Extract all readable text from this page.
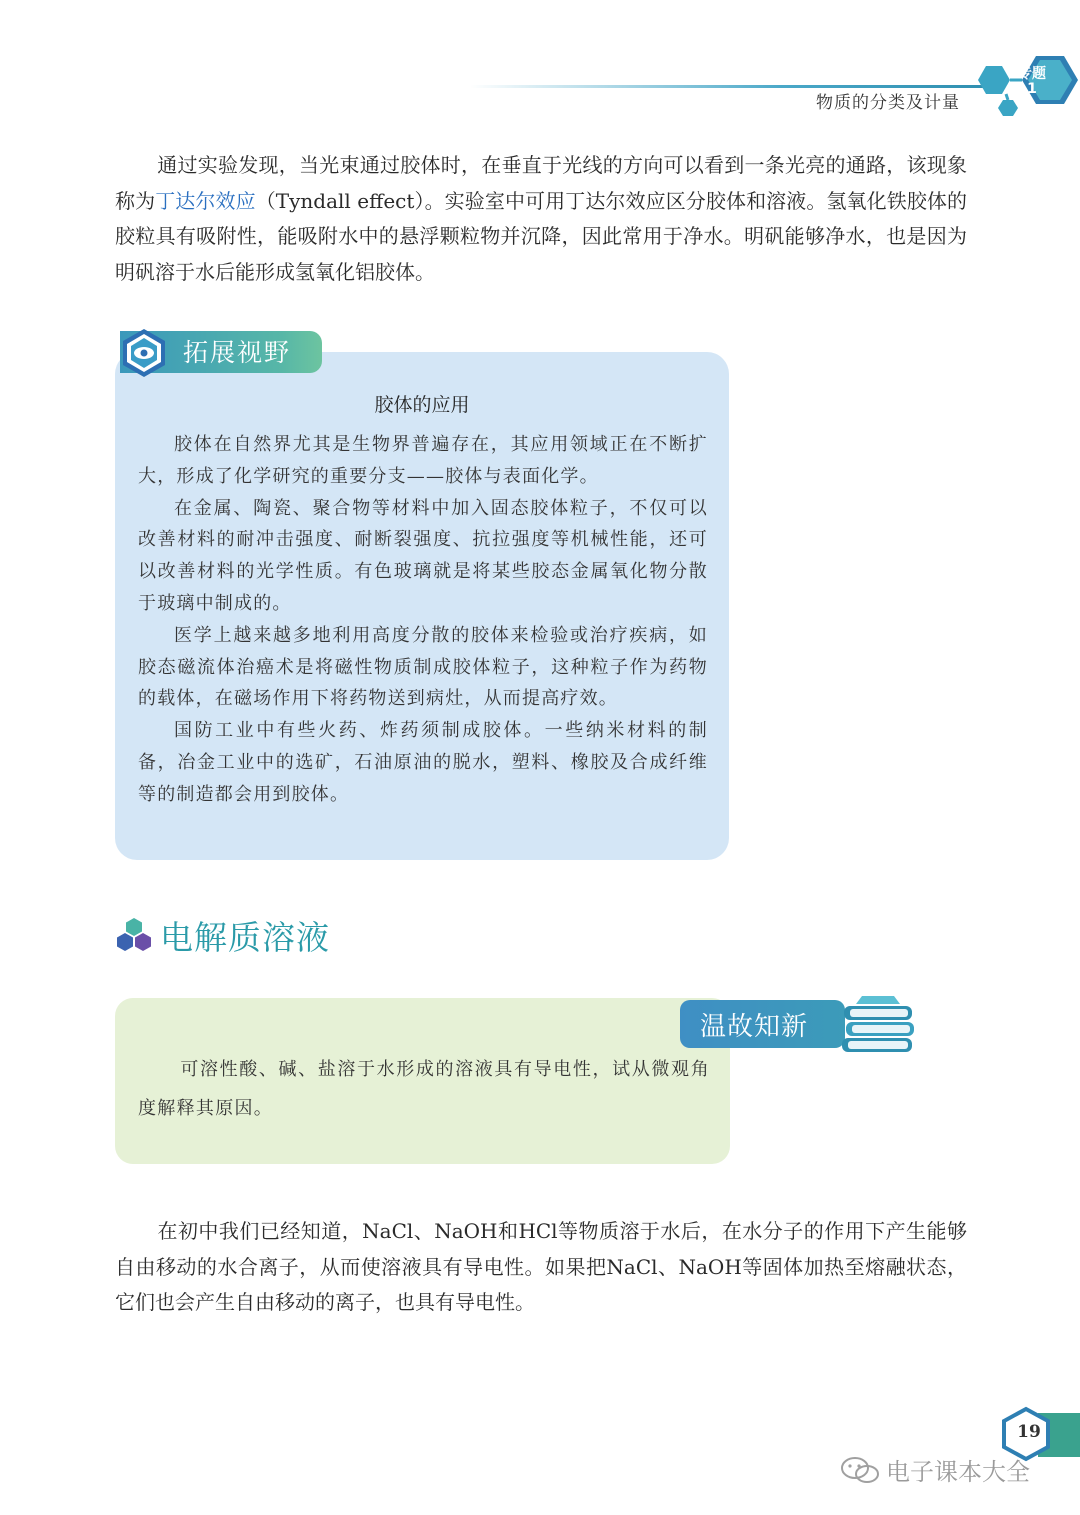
物质的分类及计量
专题
1
通过实验发现，当光束通过胶体时，在垂直于光线的方向可以看到一条光亮的通路，该现象称为丁达尔效应（Tyndall effect）。实验室中可用丁达尔效应区分胶体和溶液。氢氧化铁胶体的胶粒具有吸附性，能吸附水中的悬浮颗粒物并沉降，因此常用于净水。明矾能够净水，也是因为明矾溶于水后能形成氢氧化铝胶体。
拓展视野
胶体的应用

胶体在自然界尤其是生物界普遍存在，其应用领域正在不断扩大，形成了化学研究的重要分支——胶体与表面化学。

在金属、陶瓷、聚合物等材料中加入固态胶体粒子，不仅可以改善材料的耐冲击强度、耐断裂强度、抗拉强度等机械性能，还可以改善材料的光学性质。有色玻璃就是将某些胶态金属氧化物分散于玻璃中制成的。

医学上越来越多地利用高度分散的胶体来检验或治疗疾病，如胶态磁流体治癌术是将磁性物质制成胶体粒子，这种粒子作为药物的载体，在磁场作用下将药物送到病灶，从而提高疗效。

国防工业中有些火药、炸药须制成胶体。一些纳米材料的制备，冶金工业中的选矿，石油原油的脱水，塑料、橡胶及合成纤维等的制造都会用到胶体。

电解质溶液
温故知新
可溶性酸、碱、盐溶于水形成的溶液具有导电性，试从微观角度解释其原因。
在初中我们已经知道，NaCl、NaOH和HCl等物质溶于水后，在水分子的作用下产生能够自由移动的水合离子，从而使溶液具有导电性。如果把NaCl、NaOH等固体加热至熔融状态，它们也会产生自由移动的离子，也具有导电性。
19
电子课本大全
